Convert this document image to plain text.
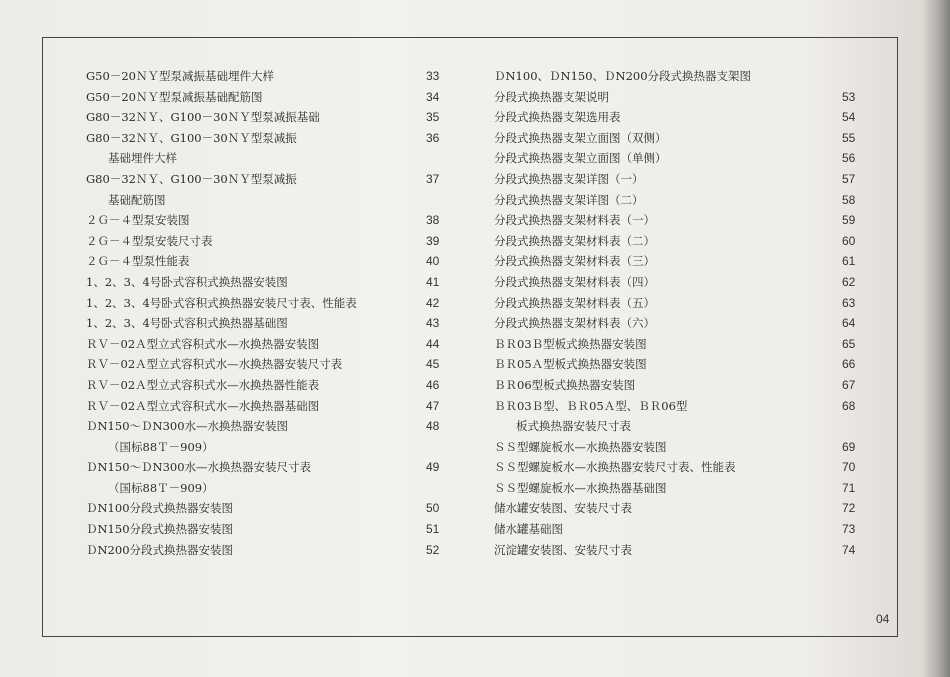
G50－20ＮＹ型泵减振基础埋件大样	33
G50－20ＮＹ型泵减振基础配筋图	34
G80－32ＮＹ、G100－30ＮＹ型泵减振基础	35
G80－32ＮＹ、G100－30ＮＹ型泵减振	36
基础埋件大样
G80－32ＮＹ、G100－30ＮＹ型泵减振	37
基础配筋图
２Ｇ－４型泵安装图	38
２Ｇ－４型泵安装尺寸表	39
２Ｇ－４型泵性能表	40
1、2、3、4号卧式容积式换热器安装图	41
1、2、3、4号卧式容积式换热器安装尺寸表、性能表	42
1、2、3、4号卧式容积式换热器基础图	43
ＲＶ－02Ａ型立式容积式水—水换热器安装图	44
ＲＶ－02Ａ型立式容积式水—水换热器安装尺寸表	45
ＲＶ－02Ａ型立式容积式水—水换热器性能表	46
ＲＶ－02Ａ型立式容积式水—水换热器基础图	47
ＤN150～ＤN300水—水换热器安装图	48
（国标88Ｔ－909）
ＤN150～ＤN300水—水换热器安装尺寸表	49
（国标88Ｔ－909）
ＤN100分段式换热器安装图	50
ＤN150分段式换热器安装图	51
ＤN200分段式换热器安装图	52
ＤN100、ＤN150、ＤN200分段式换热器支架图
分段式换热器支架说明	53
分段式换热器支架选用表	54
分段式换热器支架立面图（双侧）	55
分段式换热器支架立面图（单侧）	56
分段式换热器支架详图（一）	57
分段式换热器支架详图（二）	58
分段式换热器支架材料表（一）	59
分段式换热器支架材料表（二）	60
分段式换热器支架材料表（三）	61
分段式换热器支架材料表（四）	62
分段式换热器支架材料表（五）	63
分段式换热器支架材料表（六）	64
ＢＲ03Ｂ型板式换热器安装图	65
ＢＲ05Ａ型板式换热器安装图	66
ＢＲ06型板式换热器安装图	67
ＢＲ03Ｂ型、ＢＲ05Ａ型、ＢＲ06型	68
板式换热器安装尺寸表
ＳＳ型螺旋板水—水换热器安装图	69
ＳＳ型螺旋板水—水换热器安装尺寸表、性能表	70
ＳＳ型螺旋板水—水换热器基础图	71
储水罐安装图、安装尺寸表	72
储水罐基础图	73
沉淀罐安装图、安装尺寸表	74
04
